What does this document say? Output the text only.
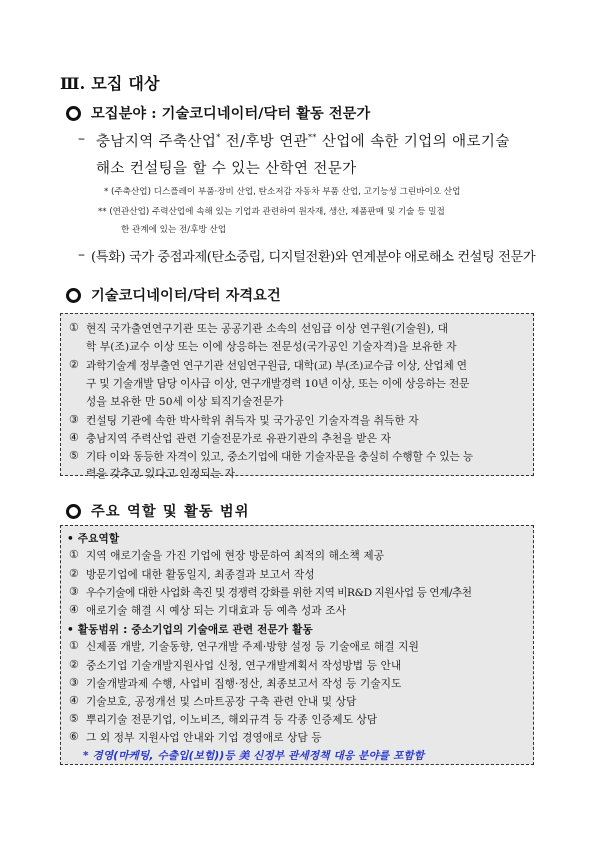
Ⅲ. 모집 대상
모집분야 : 기술코디네이터/닥터 활동 전문가
– 충남지역 주축산업* 전/후방 연관** 산업에 속한 기업의 애로기술
해소 컨설팅을 할 수 있는 산학연 전문가
* (주축산업) 디스플레이 부품·장비 산업, 탄소저감 자동차 부품 산업, 고기능성 그린바이오 산업
** (연관산업) 주력산업에 속해 있는 기업과 관련하여 원자재, 생산, 제품판매 및 기술 등 밀접
한 관계에 있는 전/후방 산업
– (특화) 국가 중점과제(탄소중립, 디지털전환)와 연계분야 애로해소 컨설팅 전문가
기술코디네이터/닥터 자격요건
① 현직 국가출연연구기관 또는 공공기관 소속의 선임급 이상 연구원(기술원), 대
학 부(조)교수 이상 또는 이에 상응하는 전문성(국가공인 기술자격)을 보유한 자
② 과학기술계 정부출연 연구기관 선임연구원급, 대학(교) 부(조)교수급 이상, 산업체 연
구 및 기술개발 담당 이사급 이상, 연구개발경력 10년 이상, 또는 이에 상응하는 전문
성을 보유한 만 50세 이상 퇴직기술전문가
③ 컨설팅 기관에 속한 박사학위 취득자 및 국가공인 기술자격을 취득한 자
④ 충남지역 주력산업 관련 기술전문가로 유관기관의 추천을 받은 자
⑤ 기타 이와 동등한 자격이 있고, 중소기업에 대한 기술자문을 충실히 수행할 수 있는 능
력을 갖추고 있다고 인정되는 자
주요 역할 및 활동 범위
• 주요역할
① 지역 애로기술을 가진 기업에 현장 방문하여 최적의 해소책 제공
② 방문기업에 대한 활동일지, 최종결과 보고서 작성
③ 우수기술에 대한 사업화 촉진 및 경쟁력 강화를 위한 지역 비R&D 지원사업 등 연계/추천
④ 애로기술 해결 시 예상 되는 기대효과 등 예측 성과 조사
• 활동범위 : 중소기업의 기술애로 관련 전문가 활동
① 신제품 개발, 기술동향, 연구개발 주제·방향 설정 등 기술애로 해결 지원
② 중소기업 기술개발지원사업 신청, 연구개발계획서 작성방법 등 안내
③ 기술개발과제 수행, 사업비 집행·정산, 최종보고서 작성 등 기술지도
④ 기술보호, 공정개선 및 스마트공장 구축 관련 안내 및 상담
⑤ 뿌리기술 전문기업, 이노비즈, 해외규격 등 각종 인증제도 상담
⑥ 그 외 정부 지원사업 안내와 기업 경영애로 상담 등
* 경영(마케팅, 수출입(보험))등 美 신정부 관세정책 대응 분야를 포함함
